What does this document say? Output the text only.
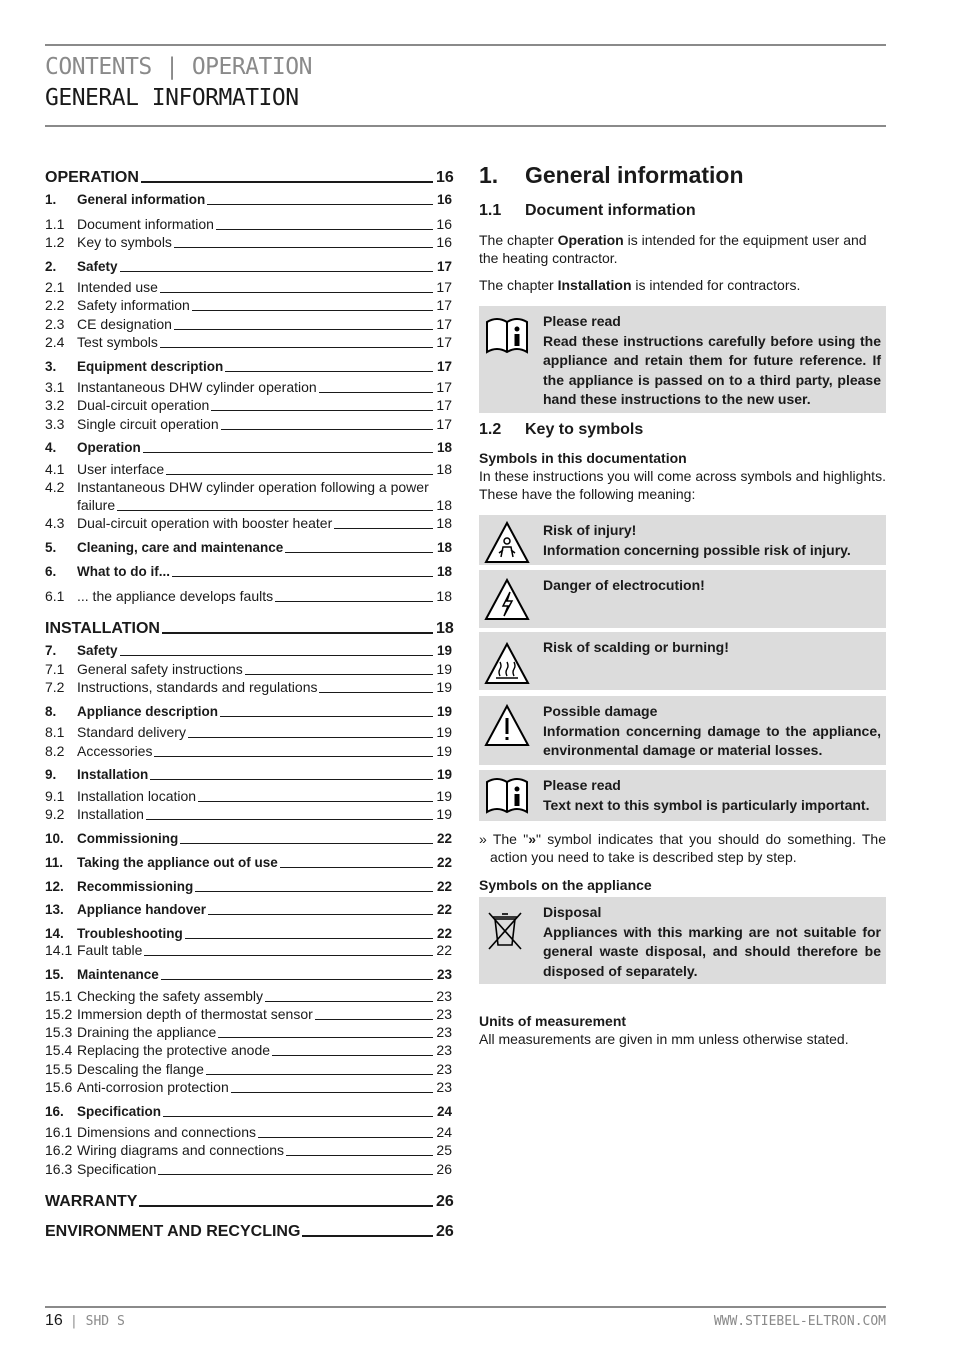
CONTENTS | OPERATION
GENERAL INFORMATION
OPERATION	16
1.	General information	16
1.1 Document information	16
1.2 Key to symbols	16
2.	Safety	17
2.1 Intended use	17
2.2 Safety information	17
2.3 CE designation	17
2.4 Test symbols	17
3.	Equipment description	17
3.1 Instantaneous DHW cylinder operation	17
3.2 Dual-circuit operation	17
3.3 Single circuit operation	17
4.	Operation	18
4.1 User interface	18
4.2 Instantaneous DHW cylinder operation following a power
failure	18
4.3 Dual-circuit operation with booster heater	18
5.	Cleaning, care and maintenance	18
6.	What to do if...	18
6.1 ... the appliance develops faults	18
INSTALLATION	18
7.	Safety	19
7.1 General safety instructions	19
7.2 Instructions, standards and regulations	19
8.	Appliance description	19
8.1 Standard delivery	19
8.2 Accessories	19
9.	Installation	19
9.1 Installation location	19
9.2 Installation	19
10. Commissioning	22
11.	Taking the appliance out of use	22
12. Recommissioning	22
13. Appliance handover	22
14. Troubleshooting	22
14.1 Fault table	22
15. Maintenance	23
15.1 Checking the safety assembly	23
15.2 Immersion depth of thermostat sensor	23
15.3 Draining the appliance	23
15.4 Replacing the protective anode	23
15.5 Descaling the flange	23
15.6 Anti-corrosion protection	23
16. Specification	24
16.1 Dimensions and connections	24
16.2 Wiring diagrams and connections	25
16.3 Specification	26
WARRANTY	26
ENVIRONMENT AND RECYCLING	26
1. General information
1.1 Document information
The chapter Operation is intended for the equipment user and the heating contractor.
The chapter Installation is intended for contractors.
Please read
Read these instructions carefully before using the appliance and retain them for future reference. If the appliance is passed on to a third party, please hand these instructions to the new user.
1.2 Key to symbols
Symbols in this documentation
In these instructions you will come across symbols and highlights. These have the following meaning:
Risk of injury!
Information concerning possible risk of injury.
Danger of electrocution!
Risk of scalding or burning!
Possible damage
Information concerning damage to the appliance, environmental damage or material losses.
Please read
Text next to this symbol is particularly important.
» The "»" symbol indicates that you should do something. The action you need to take is described step by step.
Symbols on the appliance
Disposal
Appliances with this marking are not suitable for general waste disposal, and should therefore be disposed of separately.
Units of measurement
All measurements are given in mm unless otherwise stated.
16 | SHD S	WWW.STIEBEL-ELTRON.COM
